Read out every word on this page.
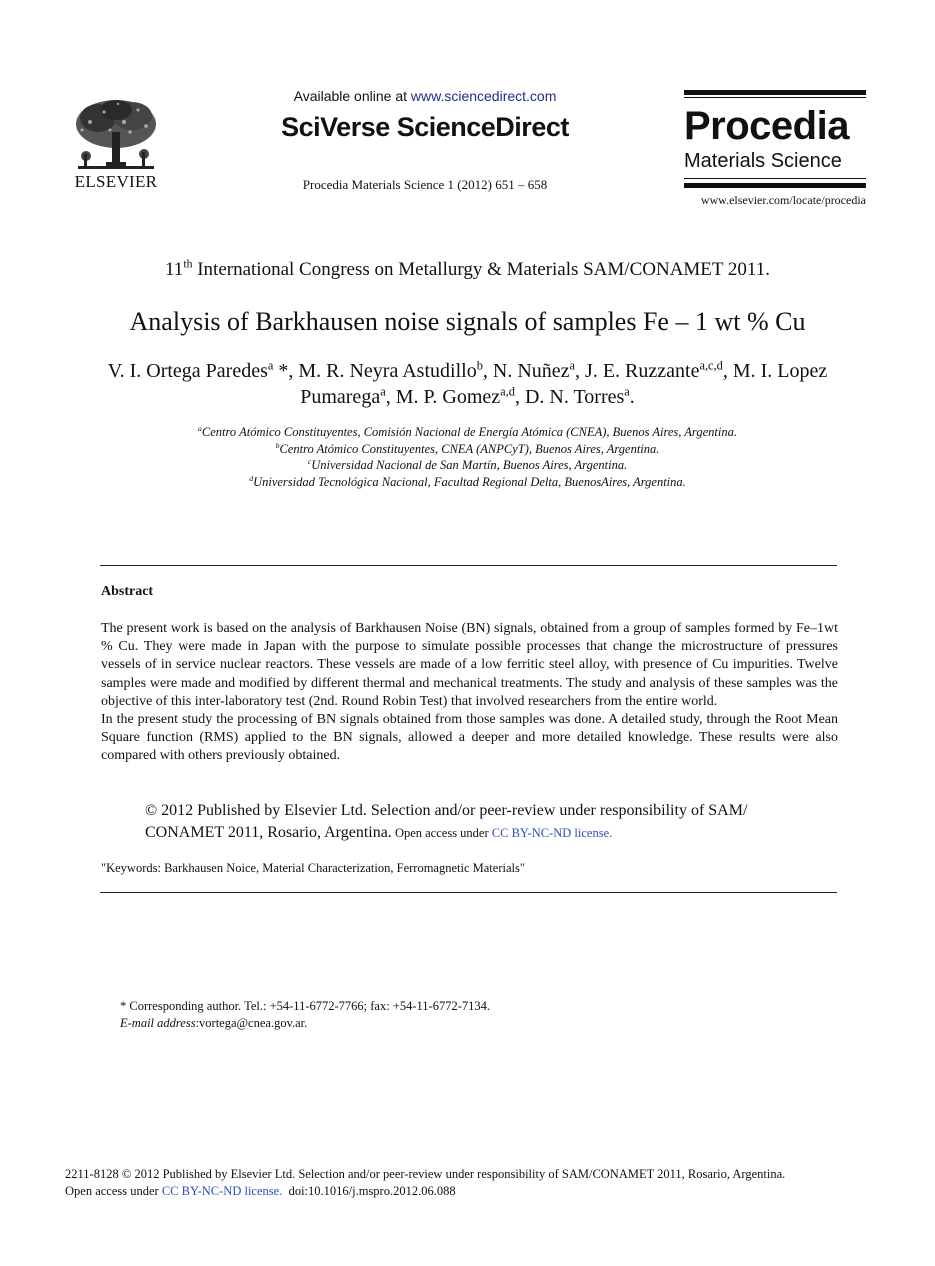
ELSEVIER
Available online at www.sciencedirect.com
SciVerse ScienceDirect
Procedia Materials Science 1 (2012) 651 – 658
Procedia
Materials Science
www.elsevier.com/locate/procedia
11th International Congress on Metallurgy & Materials SAM/CONAMET 2011.
Analysis of Barkhausen noise signals of samples Fe – 1 wt % Cu
V. I. Ortega Paredes$^a$ *, M. R. Neyra Astudillo$^b$, N. Nuñez$^a$, J. E. Ruzzante$^{a,c,d}$, M. I. Lopez Pumarega$^a$, M. P. Gomez$^{a,d}$, D. N. Torres$^a$.
$^a$Centro Atómico Constituyentes, Comisión Nacional de Energía Atómica (CNEA), Buenos Aires, Argentina.
$^b$Centro Atómico Constituyentes, CNEA (ANPCyT), Buenos Aires, Argentina.
$^c$Universidad Nacional de San Martín, Buenos Aires, Argentina.
$^d$Universidad Tecnológica Nacional, Facultad Regional Delta, BuenosAires, Argentina.
Abstract

The present work is based on the analysis of Barkhausen Noise (BN) signals, obtained from a group of samples formed by Fe–1wt % Cu. They were made in Japan with the purpose to simulate possible processes that change the microstructure of pressures vessels of in service nuclear reactors. These vessels are made of a low ferritic steel alloy, with presence of Cu impurities. Twelve samples were made and modified by different thermal and mechanical treatments. The study and analysis of these samples was the objective of this inter-laboratory test (2nd. Round Robin Test) that involved researchers from the entire world.

In the present study the processing of BN signals obtained from those samples was done. A detailed study, through the Root Mean Square function (RMS) applied to the BN signals, allowed a deeper and more detailed knowledge. These results were also compared with others previously obtained.

© 2012 Published by Elsevier Ltd. Selection and/or peer-review under responsibility of SAM/ CONAMET 2011, Rosario, Argentina. Open access under CC BY-NC-ND license.
"Keywords: Barkhausen Noice, Material Characterization, Ferromagnetic Materials"
* Corresponding author. Tel.: +54-11-6772-7766; fax: +54-11-6772-7134.
E-mail address:vortega@cnea.gov.ar.
2211-8128 © 2012 Published by Elsevier Ltd. Selection and/or peer-review under responsibility of SAM/CONAMET 2011, Rosario, Argentina.
Open access under CC BY-NC-ND license.  doi:10.1016/j.mspro.2012.06.088
